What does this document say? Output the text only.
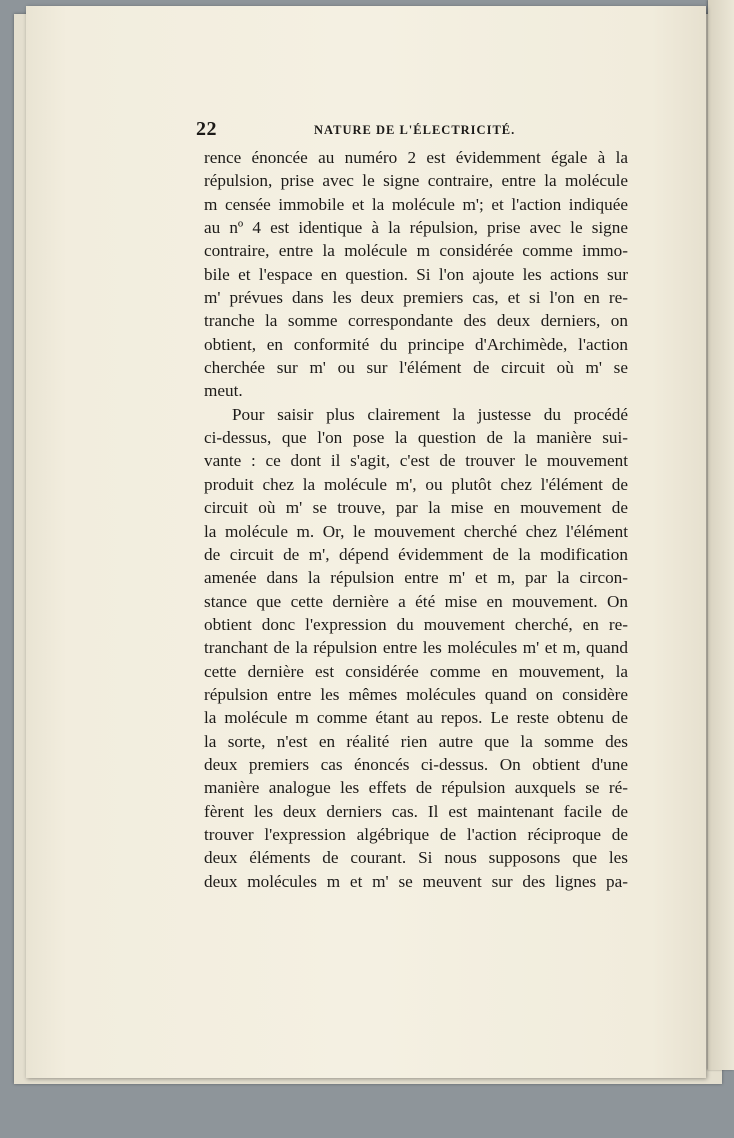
22	NATURE DE L'ÉLECTRICITÉ.
rence énoncée au numéro 2 est évidemment égale à la
répulsion, prise avec le signe contraire, entre la molécule
m censée immobile et la molécule m'; et l'action indiquée
au nº 4 est identique à la répulsion, prise avec le signe
contraire, entre la molécule m considérée comme immo-
bile et l'espace en question. Si l'on ajoute les actions sur
m' prévues dans les deux premiers cas, et si l'on en re-
tranche la somme correspondante des deux derniers, on
obtient, en conformité du principe d'Archimède, l'action
cherchée sur m' ou sur l'élément de circuit où m' se
meut.
Pour saisir plus clairement la justesse du procédé
ci-dessus, que l'on pose la question de la manière sui-
vante : ce dont il s'agit, c'est de trouver le mouvement
produit chez la molécule m', ou plutôt chez l'élément de
circuit où m' se trouve, par la mise en mouvement de
la molécule m. Or, le mouvement cherché chez l'élément
de circuit de m', dépend évidemment de la modification
amenée dans la répulsion entre m' et m, par la circon-
stance que cette dernière a été mise en mouvement. On
obtient donc l'expression du mouvement cherché, en re-
tranchant de la répulsion entre les molécules m' et m, quand
cette dernière est considérée comme en mouvement, la
répulsion entre les mêmes molécules quand on considère
la molécule m comme étant au repos. Le reste obtenu de
la sorte, n'est en réalité rien autre que la somme des
deux premiers cas énoncés ci-dessus. On obtient d'une
manière analogue les effets de répulsion auxquels se ré-
fèrent les deux derniers cas. Il est maintenant facile de
trouver l'expression algébrique de l'action réciproque de
deux éléments de courant. Si nous supposons que les
deux molécules m et m' se meuvent sur des lignes pa-
